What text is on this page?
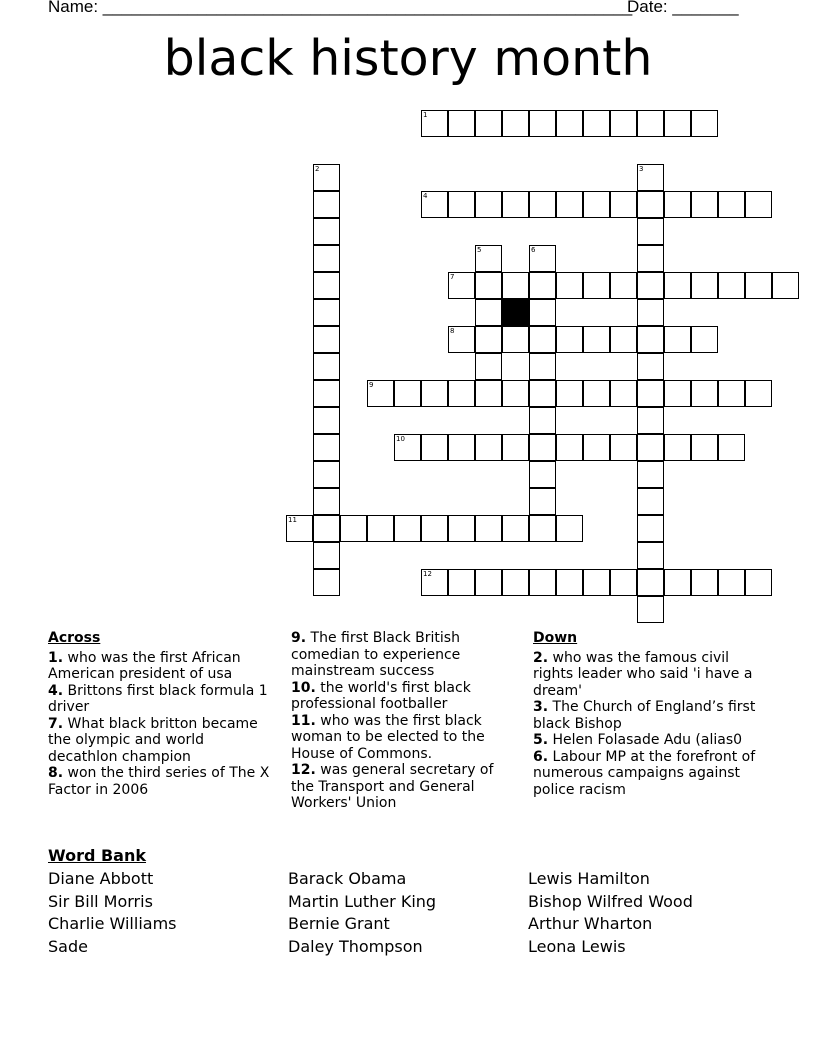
Name: ________________________________________________________
Date: _______
black history month
1
2	3
4
5	6
7
8
9
10
11
12
Across
1. who was the first African American president of usa
4. Brittons first black formula 1 driver
7. What black britton became the olympic and world decathlon champion
8. won the third series of The X Factor in 2006
9. The first Black British comedian to experience mainstream success
10. the world's first black professional footballer
11. who was the first black woman to be elected to the House of Commons.
12. was general secretary of the Transport and General Workers' Union
Down
2. who was the famous civil rights leader who said 'i have a dream'
3. The Church of England’s first black Bishop
5. Helen Folasade Adu (alias0
6. Labour MP at the forefront of numerous campaigns against police racism
Word Bank
Diane Abbott
Sir Bill Morris
Charlie Williams
Sade
Barack Obama
Martin Luther King
Bernie Grant
Daley Thompson
Lewis Hamilton
Bishop Wilfred Wood
Arthur Wharton
Leona Lewis
